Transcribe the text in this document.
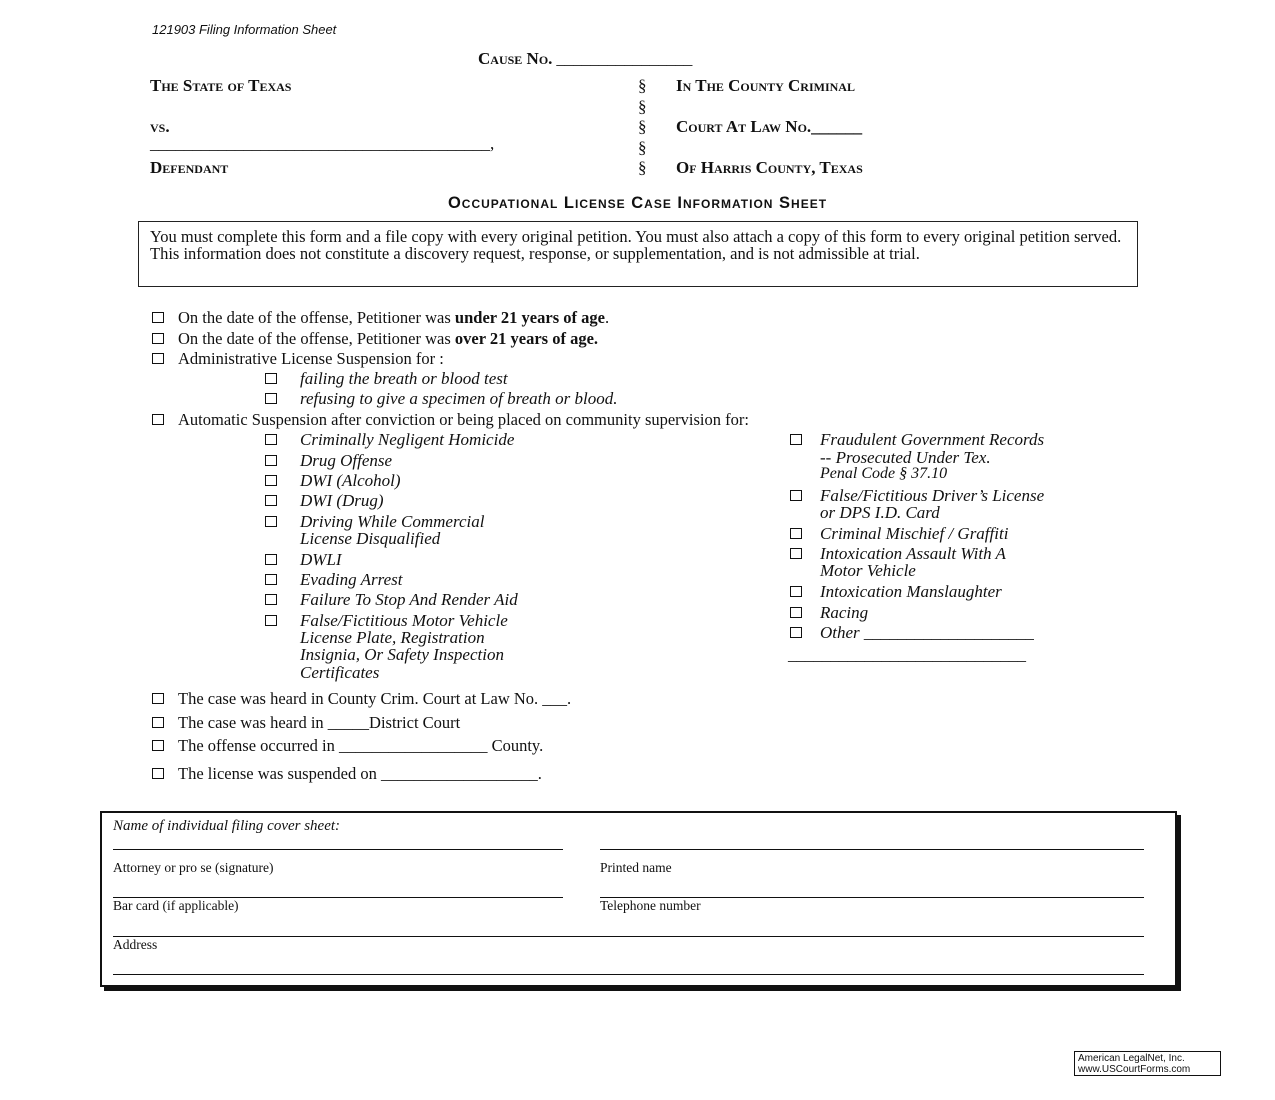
121903 Filing Information Sheet
Cause No. ________________
The State of Texas
vs.
________________________________________,
Defendant
§
§
§
§
§
In The County Criminal
Court At Law No.______
Of Harris County, Texas
Occupational License Case Information Sheet
You must complete this form and a file copy with every original petition. You must also attach a copy of this form to every original petition served. This information does not constitute a discovery request, response, or supplementation, and is not admissible at trial.
On the date of the offense, Petitioner was under 21 years of age.
On the date of the offense, Petitioner was over 21 years of age.
Administrative License Suspension for :
failing the breath or blood test
refusing to give a specimen of breath or blood.
Automatic Suspension after conviction or being placed on community supervision for:
Criminally Negligent Homicide
Drug Offense
DWI (Alcohol)
DWI (Drug)
Driving While Commercial
License Disqualified
DWLI
Evading Arrest
Failure To Stop And Render Aid
False/Fictitious Motor Vehicle
License Plate, Registration
Insignia, Or Safety Inspection
Certificates
Fraudulent Government Records
-- Prosecuted Under Tex.
Penal Code § 37.10
False/Fictitious Driver’s License
or DPS I.D. Card
Criminal Mischief / Graffiti
Intoxication Assault With A
Motor Vehicle
Intoxication Manslaughter
Racing
Other ____________________
____________________________
The case was heard in County Crim. Court at Law No. ___.
The case was heard in _____District Court
The offense occurred in __________________ County.
The license was suspended on ___________________.
Name of individual filing cover sheet:
Attorney or pro se (signature)	Printed name
Bar card (if applicable)	Telephone number
Address
American LegalNet, Inc.
www.USCourtForms.com
